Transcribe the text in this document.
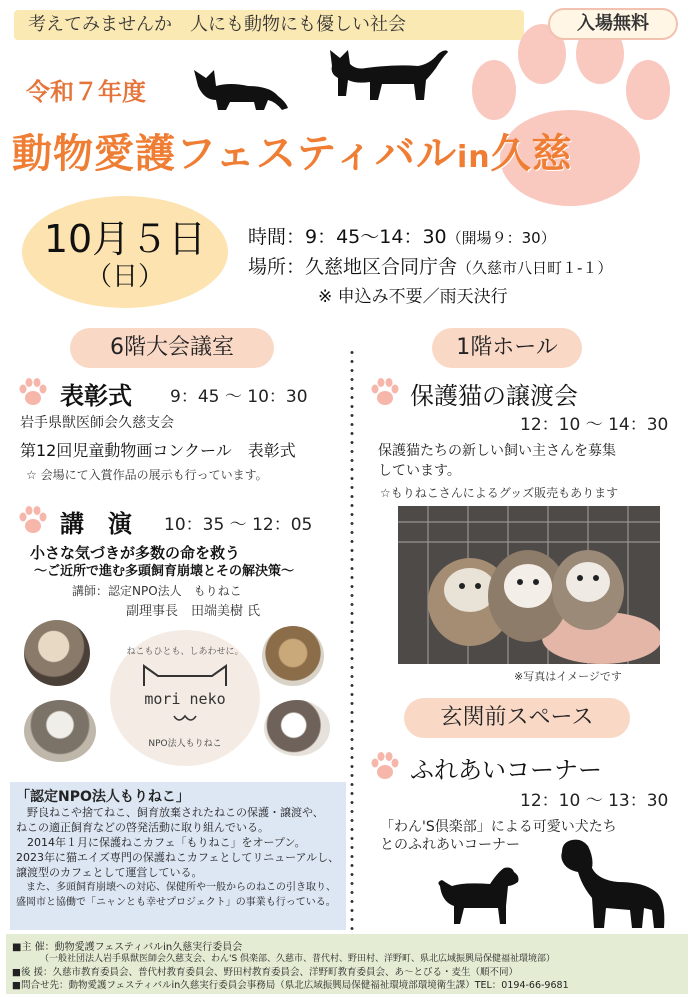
考えてみませんか　人にも動物にも優しい社会	入場無料
令和７年度
動物愛護フェスティバルin久慈
10月５日
（日）
時間：9：45～14：30（開場９：30）
場所：久慈地区合同庁舎（久慈市八日町１-１）
※ 申込み不要／雨天決行
6階大会議室	1階ホール
表彰式 9：45 ～ 10：30
岩手県獣医師会久慈支会
第12回児童動物画コンクール　表彰式
☆ 会場にて入賞作品の展示も行っています。
講　演 10：35 ～ 12：05
小さな気づきが多数の命を救う
～ご近所で進む多頭飼育崩壊とその解決策～
講師：認定NPO法人　もりねこ
副理事長　田端美樹 氏
ねこもひとも、しあわせに。
mori neko
NPO法人もりねこ
「認定NPO法人もりねこ」
　野良ねこや捨てねこ、飼育放棄されたねこの保護・譲渡や、
ねこの適正飼育などの啓発活動に取り組んでいる。
　2014年１月に保護ねこカフェ「もりねこ」をオープン。
2023年に猫エイズ専門の保護ねこカフェとしてリニューアルし、
譲渡型のカフェとして運営している。
　また、多頭飼育崩壊への対応、保健所や一般からのねこの引き取り、
盛岡市と協働で「ニャンとも幸せプロジェクト」の事業も行っている。
保護猫の譲渡会
12：10 ～ 14：30
保護猫たちの新しい飼い主さんを募集
しています。
☆もりねこさんによるグッズ販売もあります
※写真はイメージです
玄関前スペース
ふれあいコーナー
12：10 ～ 13：30
「わん'S倶楽部」による可愛い犬たち
とのふれあいコーナー
■主 催：動物愛護フェスティバルin久慈実行委員会
（一般社団法人岩手県獣医師会久慈支会、わん'S 倶楽部、久慈市、普代村、野田村、洋野町、県北広域振興局保健福祉環境部）
■後 援：久慈市教育委員会、普代村教育委員会、野田村教育委員会、洋野町教育委員会、あ～とびる・麦生（順不同）
■問合せ先：動物愛護フェスティバルin久慈実行委員会事務局（県北広域振興局保健福祉環境部環境衛生課）TEL：0194-66-9681
